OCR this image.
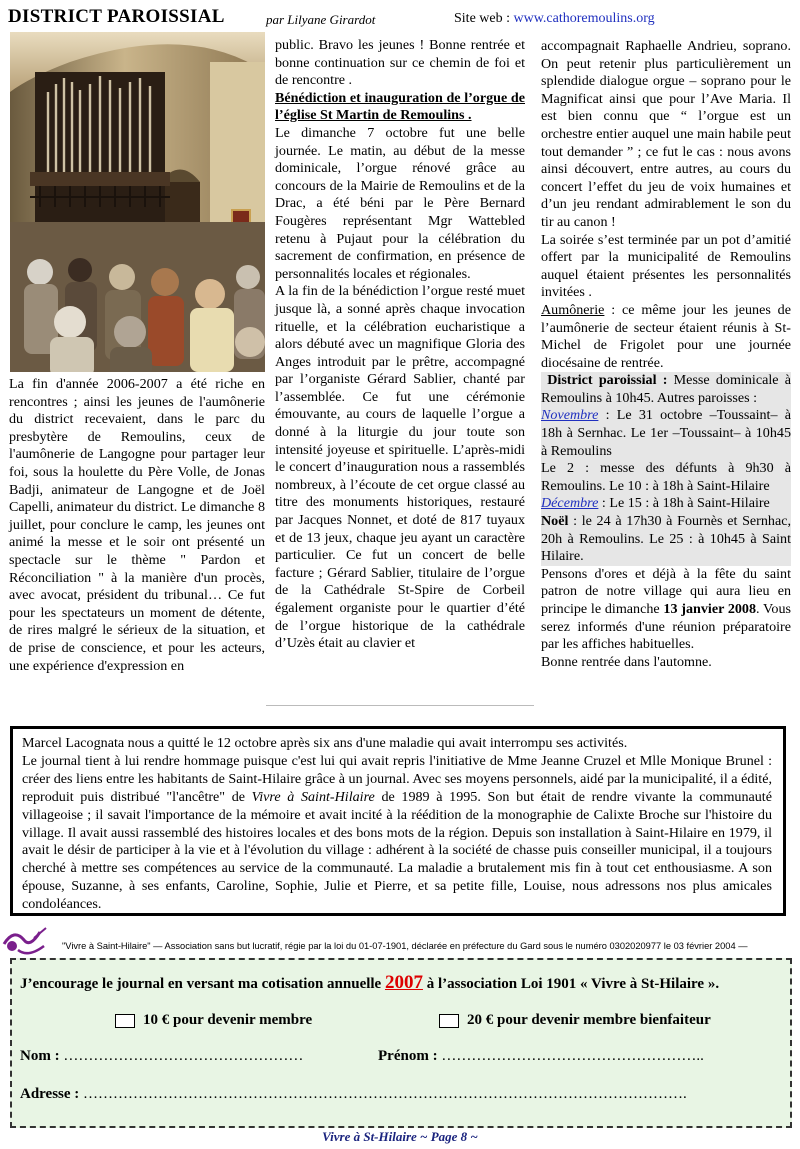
DISTRICT PAROISSIAL	par Lilyane Girardot	Site web : www.cathoremoulins.org

La fin d'année 2006-2007 a été riche en rencontres ; ainsi les jeunes de l'aumônerie du district recevaient, dans le parc du presbytère de Remoulins, ceux de l'aumônerie de Langogne pour partager leur foi, sous la houlette du Père Volle, de Jonas Badji, animateur de Langogne et de Joël Capelli, animateur du district. Le dimanche 8 juillet, pour conclure le camp, les jeunes ont animé la messe et le soir ont présenté un spectacle sur le thème " Pardon et Réconciliation " à la manière d'un procès, avec avocat, président du tribunal… Ce fut pour les spectateurs un moment de détente, de rires malgré le sérieux de la situation, et de prise de conscience, et pour les acteurs, une expérience d'expression en

public. Bravo les jeunes ! Bonne rentrée et bonne continuation sur ce chemin de foi et de rencontre .

Bénédiction et inauguration de l’orgue de l’église St Martin de Remoulins .

Le dimanche 7 octobre fut une belle journée. Le matin, au début de la messe dominicale, l’orgue rénové grâce au concours de la Mairie de Remoulins et de la Drac, a été béni par le Père Bernard Fougères représentant Mgr Wattebled retenu à Pujaut pour la célébration du sacrement de confirmation, en présence de personnalités locales et régionales.

A la fin de la bénédiction l’orgue resté muet jusque là, a sonné après chaque invocation rituelle, et la célébration eucharistique a alors débuté avec un magnifique Gloria des Anges introduit par le prêtre, accompagné par l’organiste Gérard Sablier, chanté par l’assemblée. Ce fut une cérémonie émouvante, au cours de laquelle l’orgue a donné à la liturgie du jour toute son intensité joyeuse et spirituelle. L’après-midi le concert d’inauguration nous a rassemblés nombreux, à l’écoute de cet orgue classé au titre des monuments historiques, restauré par Jacques Nonnet, et doté de 817 tuyaux et de 13 jeux, chaque jeu ayant un caractère particulier. Ce fut un concert de belle facture ; Gérard Sablier, titulaire de l’orgue de la Cathédrale St-Spire de Corbeil également organiste pour le quartier d’été de l’orgue historique de la cathédrale d’Uzès était au clavier et

accompagnait Raphaelle Andrieu, soprano. On peut retenir plus particulièrement un splendide dialogue orgue – soprano pour le Magnificat ainsi que pour l’Ave Maria. Il est bien connu que “ l’orgue est un orchestre entier auquel une main habile peut tout demander ” ; ce fut le cas : nous avons ainsi découvert, entre autres, au cours du concert l’effet du jeu de voix humaines et d’un jeu rendant admirablement le son du tir au canon !

La soirée s’est terminée par un pot d’amitié offert par la municipalité de Remoulins auquel étaient présentes les personnalités invitées .

Aumônerie : ce même jour les jeunes de l’aumônerie de secteur étaient réunis à St-Michel de Frigolet pour une journée diocésaine de rentrée.

District paroissial : Messe dominicale à Remoulins à 10h45. Autres paroisses :

Novembre : Le 31 octobre –Toussaint– à 18h à Sernhac. Le 1er –Toussaint– à 10h45 à Remoulins

Le 2 : messe des défunts à 9h30 à Remoulins. Le 10 : à 18h à Saint-Hilaire

Décembre : Le 15 : à 18h à Saint-Hilaire

Noël : le 24 à 17h30 à Fournès et Sernhac, 20h à Remoulins. Le 25 : à 10h45 à Saint Hilaire.

Pensons d'ores et déjà à la fête du saint patron de notre village qui aura lieu en principe le dimanche 13 janvier 2008. Vous serez informés d'une réunion préparatoire par les affiches habituelles.

Bonne rentrée dans l'automne.

Marcel Lacognata nous a quitté le 12 octobre après six ans d'une maladie qui avait interrompu ses activités.

Le journal tient à lui rendre hommage puisque c'est lui qui avait repris l'initiative de Mme Jeanne Cruzel et Mlle Monique Brunel : créer des liens entre les habitants de Saint-Hilaire grâce à un journal. Avec ses moyens personnels, aidé par la municipalité, il a édité, reproduit puis distribué "l'ancêtre" de Vivre à Saint-Hilaire de 1989 à 1995. Son but était de rendre vivante la communauté villageoise ; il savait l'importance de la mémoire et avait incité à la réédition de la monographie de Calixte Broche sur l'histoire du village. Il avait aussi rassemblé des histoires locales et des bons mots de la région. Depuis son installation à Saint-Hilaire en 1979, il avait le désir de participer à la vie et à l'évolution du village : adhérent à la société de chasse puis conseiller municipal, il a toujours cherché à mettre ses compétences au service de la communauté. La maladie a brutalement mis fin à tout cet enthousiasme. A son épouse, Suzanne, à ses enfants, Caroline, Sophie, Julie et Pierre, et sa petite fille, Louise, nous adressons nos plus amicales condoléances.

"Vivre à Saint-Hilaire" — Association sans but lucratif, régie par la loi du 01-07-1901, déclarée en préfecture du Gard sous le numéro 0302020977 le 03 février 2004 —
J’encourage le journal en versant ma cotisation annuelle 2007 à l’association Loi 1901 « Vivre à St-Hilaire ».
10 € pour devenir membre	20 € pour devenir membre bienfaiteur
Nom : …………………………………………	Prénom : ……………………………………………..
Adresse : ………………………………………………………………………………………………………….
Vivre à St-Hilaire ~ Page 8 ~
